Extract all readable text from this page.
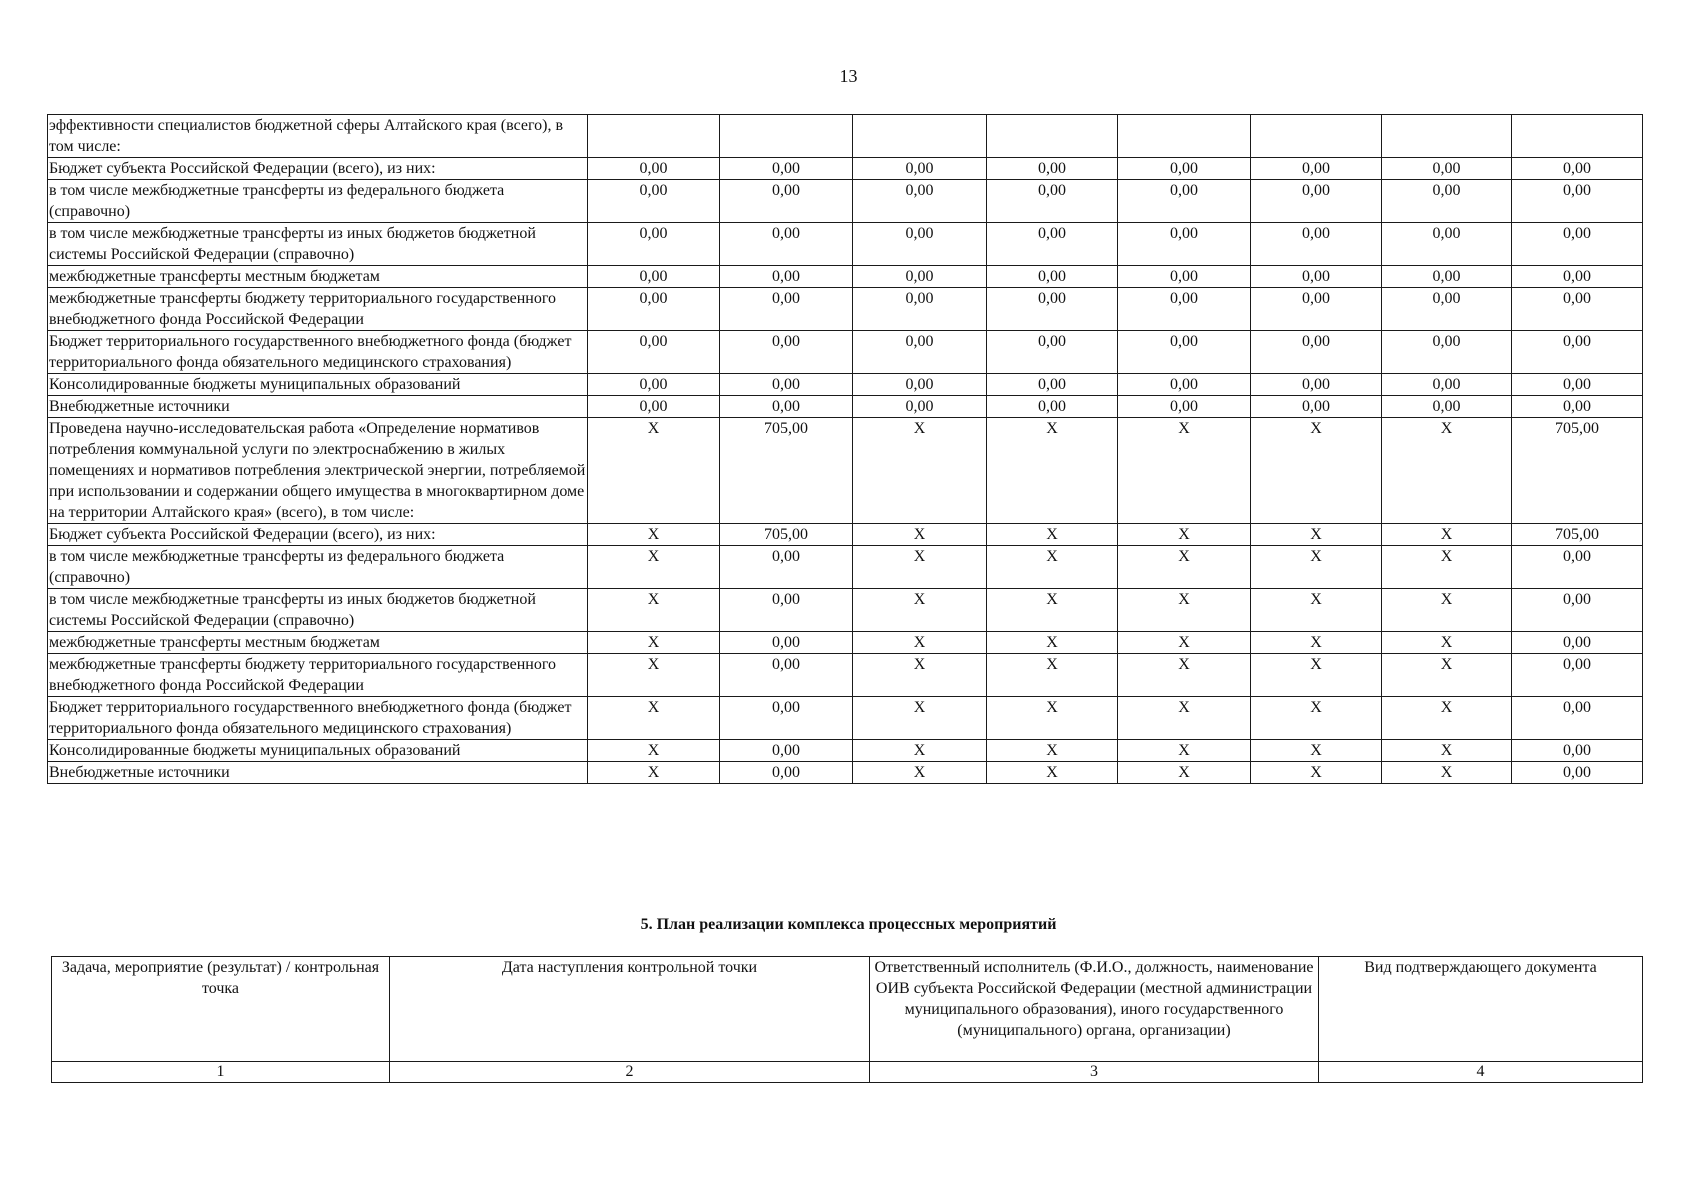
13
эффективности специалистов бюджетной сферы Алтайского края (всего), в том числе:								
Бюджет субъекта Российской Федерации (всего), из них:	0,00	0,00	0,00	0,00	0,00	0,00	0,00	0,00
в том числе межбюджетные трансферты из федерального бюджета (справочно)	0,00	0,00	0,00	0,00	0,00	0,00	0,00	0,00
в том числе межбюджетные трансферты из иных бюджетов бюджетной системы Российской Федерации (справочно)	0,00	0,00	0,00	0,00	0,00	0,00	0,00	0,00
межбюджетные трансферты местным бюджетам	0,00	0,00	0,00	0,00	0,00	0,00	0,00	0,00
межбюджетные трансферты бюджету территориального государственного внебюджетного фонда Российской Федерации	0,00	0,00	0,00	0,00	0,00	0,00	0,00	0,00
Бюджет территориального государственного внебюджетного фонда (бюджет территориального фонда обязательного медицинского страхования)	0,00	0,00	0,00	0,00	0,00	0,00	0,00	0,00
Консолидированные бюджеты муниципальных образований	0,00	0,00	0,00	0,00	0,00	0,00	0,00	0,00
Внебюджетные источники	0,00	0,00	0,00	0,00	0,00	0,00	0,00	0,00
Проведена научно-исследовательская работа «Определение нормативов потребления коммунальной услуги по электроснабжению в жилых помещениях и нормативов потребления электрической энергии, потребляемой при использовании и содержании общего имущества в многоквартирном доме на территории Алтайского края» (всего), в том числе:	X	705,00	X	X	X	X	X	705,00
Бюджет субъекта Российской Федерации (всего), из них:	X	705,00	X	X	X	X	X	705,00
в том числе межбюджетные трансферты из федерального бюджета (справочно)	X	0,00	X	X	X	X	X	0,00
в том числе межбюджетные трансферты из иных бюджетов бюджетной системы Российской Федерации (справочно)	X	0,00	X	X	X	X	X	0,00
межбюджетные трансферты местным бюджетам	X	0,00	X	X	X	X	X	0,00
межбюджетные трансферты бюджету территориального государственного внебюджетного фонда Российской Федерации	X	0,00	X	X	X	X	X	0,00
Бюджет территориального государственного внебюджетного фонда (бюджет территориального фонда обязательного медицинского страхования)	X	0,00	X	X	X	X	X	0,00
Консолидированные бюджеты муниципальных образований	X	0,00	X	X	X	X	X	0,00
Внебюджетные источники	X	0,00	X	X	X	X	X	0,00
5. План реализации комплекса процессных мероприятий
Задача, мероприятие (результат) / контрольная точка	Дата наступления контрольной точки	Ответственный исполнитель (Ф.И.О., должность, наименование ОИВ субъекта Российской Федерации (местной администрации муниципального образования), иного государственного (муниципального) органа, организации)	Вид подтверждающего документа
1	2	3	4
